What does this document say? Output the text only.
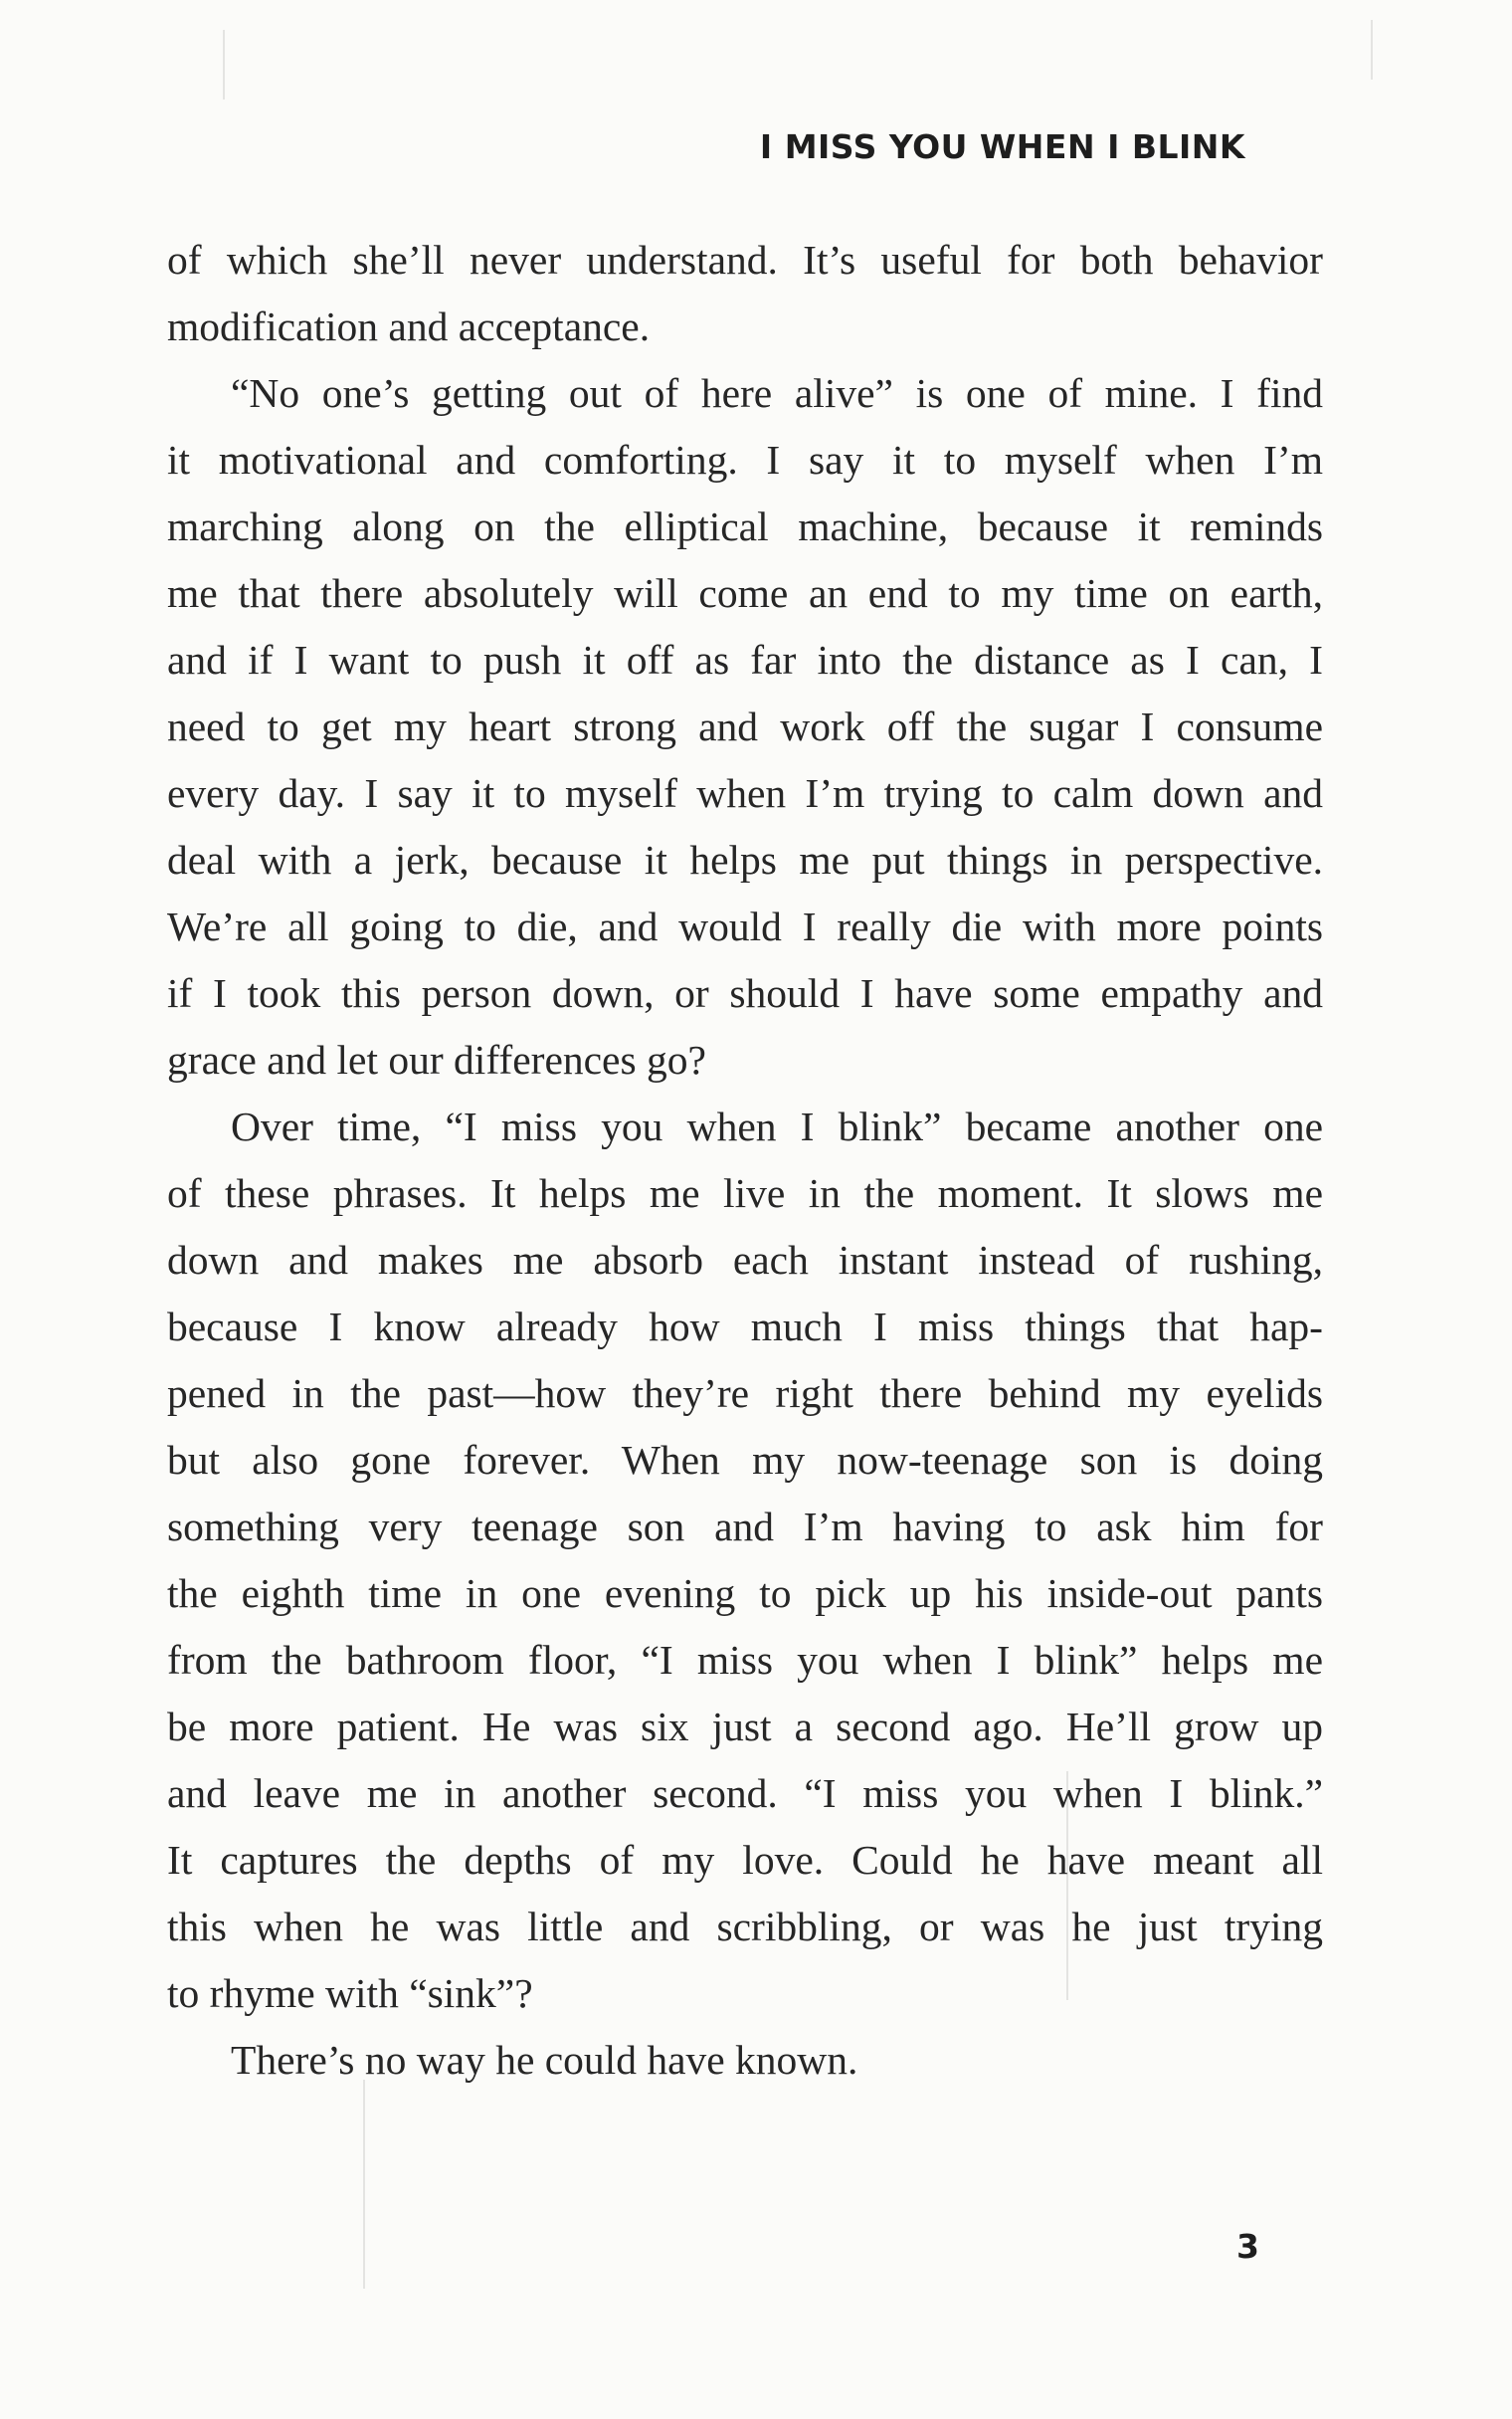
I MISS YOU WHEN I BLINK
of which she’ll never understand. It’s useful for both behavior
modification and acceptance.
“No one’s getting out of here alive” is one of mine. I find
it motivational and comforting. I say it to myself when I’m
marching along on the elliptical machine, because it reminds
me that there absolutely will come an end to my time on earth,
and if I want to push it off as far into the distance as I can, I
need to get my heart strong and work off the sugar I consume
every day. I say it to myself when I’m trying to calm down and
deal with a jerk, because it helps me put things in perspective.
We’re all going to die, and would I really die with more points
if I took this person down, or should I have some empathy and
grace and let our differences go?
Over time, “I miss you when I blink” became another one
of these phrases. It helps me live in the moment. It slows me
down and makes me absorb each instant instead of rushing,
because I know already how much I miss things that hap-
pened in the past—how they’re right there behind my eyelids
but also gone forever. When my now-teenage son is doing
something very teenage son and I’m having to ask him for
the eighth time in one evening to pick up his inside-out pants
from the bathroom floor, “I miss you when I blink” helps me
be more patient. He was six just a second ago. He’ll grow up
and leave me in another second. “I miss you when I blink.”
It captures the depths of my love. Could he have meant all
this when he was little and scribbling, or was he just trying
to rhyme with “sink”?
There’s no way he could have known.
3
